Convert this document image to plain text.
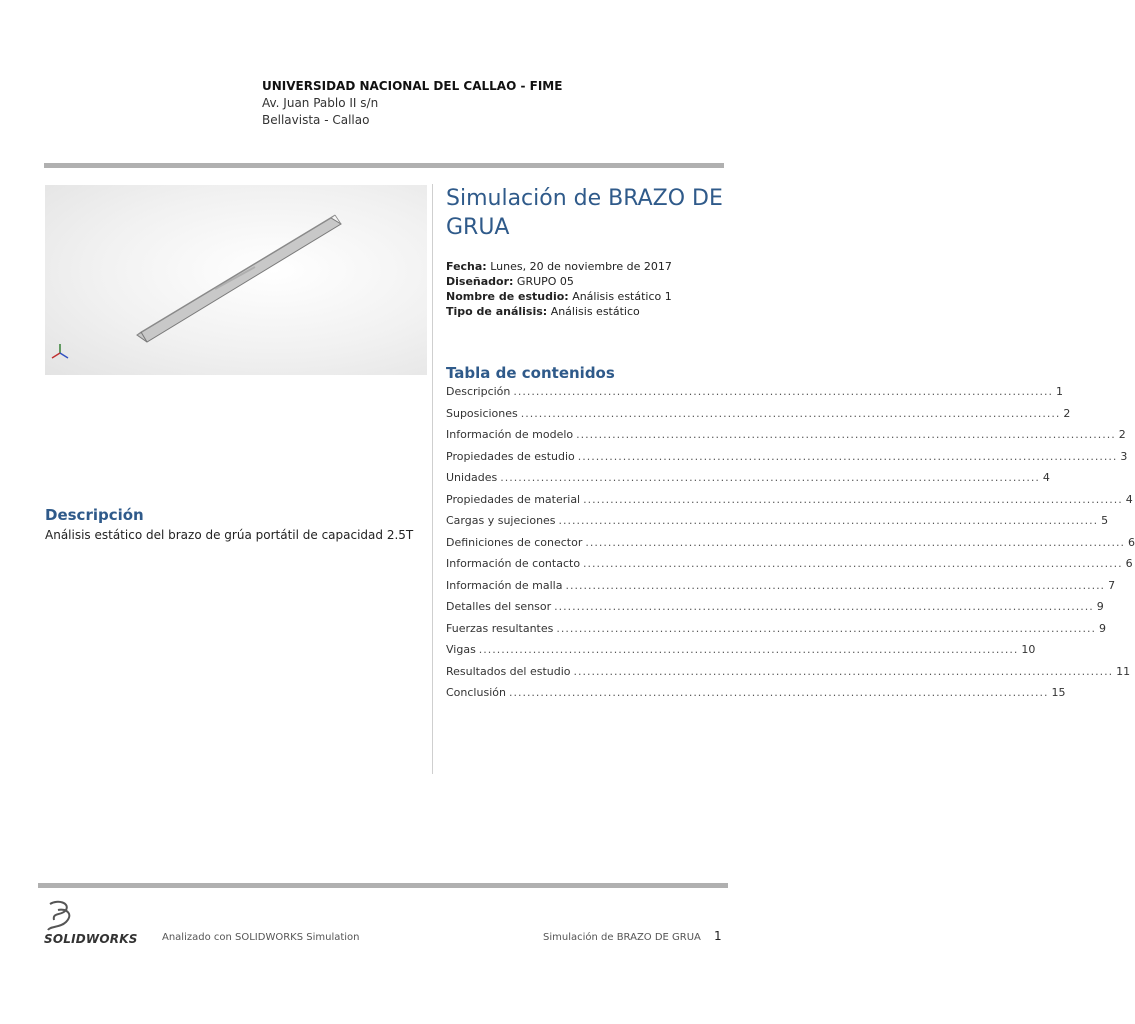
UNIVERSIDAD NACIONAL DEL CALLAO - FIME
Av. Juan Pablo II s/n
Bellavista - Callao
Simulación de BRAZO DE GRUA
Fecha: Lunes, 20 de noviembre de 2017
Diseñador: GRUPO 05
Nombre de estudio: Análisis estático 1
Tipo de análisis: Análisis estático
Tabla de contenidos
Descripción ........................................................................................................................ 1
Suposiciones ........................................................................................................................ 2
Información de modelo ........................................................................................................................ 2
Propiedades de estudio ........................................................................................................................ 3
Unidades ........................................................................................................................ 4
Propiedades de material ........................................................................................................................ 4
Cargas y sujeciones ........................................................................................................................ 5
Definiciones de conector ........................................................................................................................ 6
Información de contacto ........................................................................................................................ 6
Información de malla ........................................................................................................................ 7
Detalles del sensor ........................................................................................................................ 9
Fuerzas resultantes ........................................................................................................................ 9
Vigas ........................................................................................................................ 10
Resultados del estudio ........................................................................................................................ 11
Conclusión ........................................................................................................................ 15
Descripción
Análisis estático del brazo de grúa portátil de capacidad 2.5T
SOLIDWORKS Analizado con SOLIDWORKS Simulation	Simulación de BRAZO DE GRUA 1
